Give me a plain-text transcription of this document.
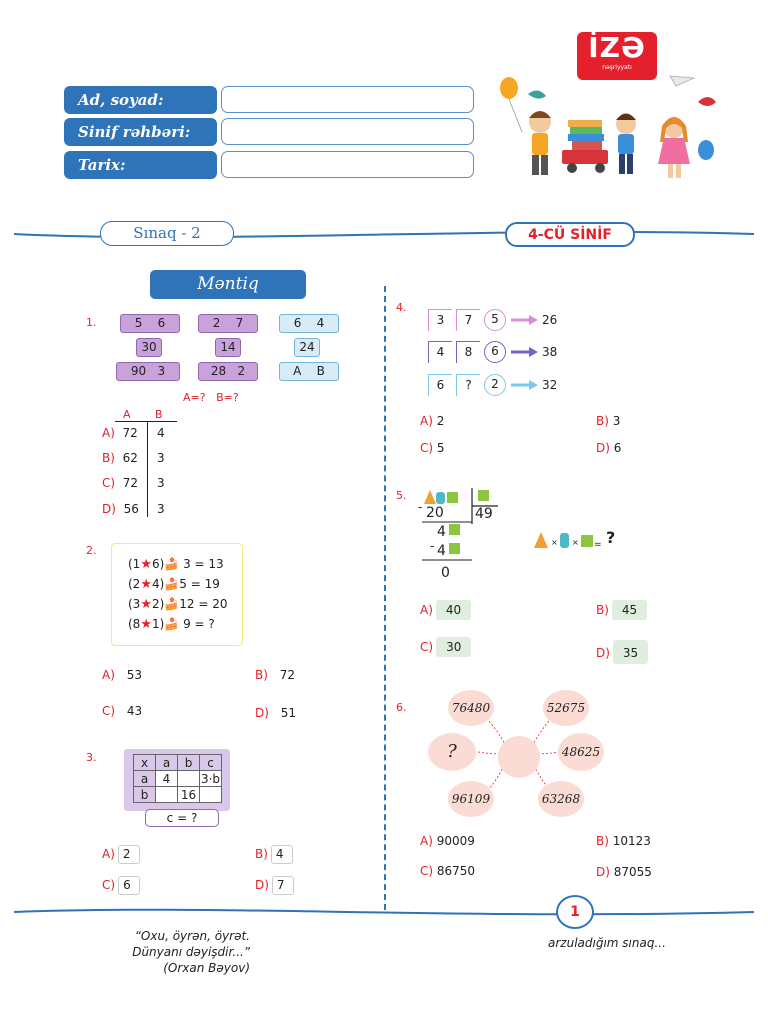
Ad, soyad:
Sinif rəhbəri:
Tarix:
İZƏ
nəşriyyatı
Sınaq - 2	4-CÜ SİNİF
Məntiq
1.	5 6
30
90 3
2 7
14
28 2
6 4
24
A B
A=?   B=?
A B
A) 72 4
B) 62 3
C) 72 3
D) 56 3
2.
(1★6)🍰 3 = 13
(2★4)🍰5 = 19
(3★2)🍰12 = 20
(8★1)🍰 9 = ?
A) 53	B) 72
C) 43	D) 51
3.	x	a	b	c
a	4		3·b
b		16	
c = ?
A) 2	B) 4
C) 6	D) 7
4.
3	7	5	26
4	8	6	38
6	?	2	32
A) 2	B) 3
C) 5	D) 6
5.
- 20 49
4
- 4
0
× × = ?
A) 40	B) 45
C) 30	D) 35
6.	76480	52675
?	48625
96109	63268
A) 90009	B) 10123
C) 86750	D) 87055
1
“Oxu, öyrən, öyrət.
Dünyanı dəyişdir...”
(Orxan Bəyov)
arzuladığım sınaq...
